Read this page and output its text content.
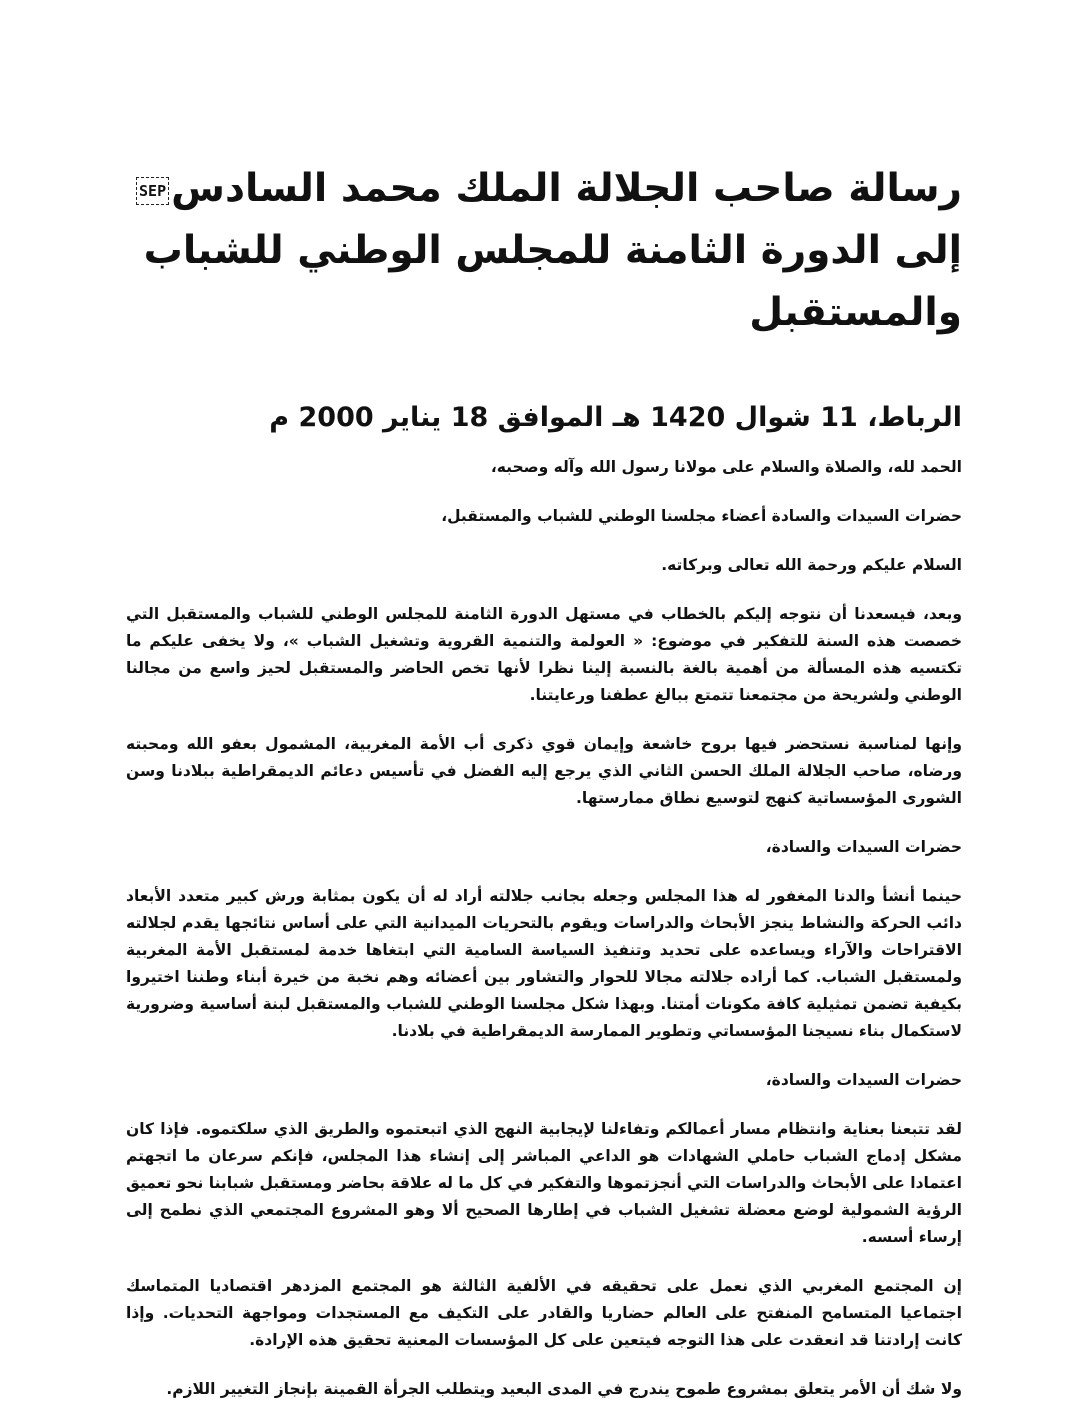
رسالة صاحب الجلالة الملك محمد السادسSEP إلى الدورة الثامنة للمجلس الوطني للشباب والمستقبل
الرباط، 11 شوال 1420 هـ الموافق 18 يناير 2000 م

الحمد لله، والصلاة والسلام على مولانا رسول الله وآله وصحبه،

حضرات السيدات والسادة أعضاء مجلسنا الوطني للشباب والمستقبل،

السلام عليكم ورحمة الله تعالى وبركاته.

وبعد، فيسعدنا أن نتوجه إليكم بالخطاب في مستهل الدورة الثامنة للمجلس الوطني للشباب والمستقبل التي خصصت هذه السنة للتفكير في موضوع: « العولمة والتنمية القروية وتشغيل الشباب »، ولا يخفى عليكم ما تكتسيه هذه المسألة من أهمية بالغة بالنسبة إلينا نظرا لأنها تخص الحاضر والمستقبل لحيز واسع من مجالنا الوطني ولشريحة من مجتمعنا تتمتع ببالغ عطفنا ورعايتنا.

وإنها لمناسبة نستحضر فيها بروح خاشعة وإيمان قوي ذكرى أب الأمة المغربية، المشمول بعفو الله ومحبته ورضاه، صاحب الجلالة الملك الحسن الثاني الذي يرجع إليه الفضل في تأسيس دعائم الديمقراطية ببلادنا وسن الشورى المؤسساتية كنهج لتوسيع نطاق ممارستها.

حضرات السيدات والسادة،

حينما أنشأ والدنا المغفور له هذا المجلس وجعله بجانب جلالته أراد له أن يكون بمثابة ورش كبير متعدد الأبعاد دائب الحركة والنشاط ينجز الأبحاث والدراسات ويقوم بالتحريات الميدانية التي على أساس نتائجها يقدم لجلالته الاقتراحات والآراء ويساعده على تحديد وتنفيذ السياسة السامية التي ابتغاها خدمة لمستقبل الأمة المغربية ولمستقبل الشباب. كما أراده جلالته مجالا للحوار والتشاور بين أعضائه وهم نخبة من خيرة أبناء وطننا اختيروا بكيفية تضمن تمثيلية كافة مكونات أمتنا. وبهذا شكل مجلسنا الوطني للشباب والمستقبل لبنة أساسية وضرورية لاستكمال بناء نسيجنا المؤسساتي وتطوير الممارسة الديمقراطية في بلادنا.

حضرات السيدات والسادة،

لقد تتبعنا بعناية وانتظام مسار أعمالكم وتفاءلنا لإيجابية النهج الذي اتبعتموه والطريق الذي سلكتموه. فإذا كان مشكل إدماج الشباب حاملي الشهادات هو الداعي المباشر إلى إنشاء هذا المجلس، فإنكم سرعان ما اتجهتم اعتمادا على الأبحاث والدراسات التي أنجزتموها والتفكير في كل ما له علاقة بحاضر ومستقبل شبابنا نحو تعميق الرؤية الشمولية لوضع معضلة تشغيل الشباب في إطارها الصحيح ألا وهو المشروع المجتمعي الذي نطمح إلى إرساء أسسه.

إن المجتمع المغربي الذي نعمل على تحقيقه في الألفية الثالثة هو المجتمع المزدهر اقتصاديا المتماسك اجتماعيا المتسامح المنفتح على العالم حضاريا والقادر على التكيف مع المستجدات ومواجهة التحديات. وإذا كانت إرادتنا قد انعقدت على هذا التوجه فيتعين على كل المؤسسات المعنية تحقيق هذه الإرادة.

ولا شك أن الأمر يتعلق بمشروع طموح يندرج في المدى البعيد ويتطلب الجرأة القمينة بإنجاز التغيير اللازم.
